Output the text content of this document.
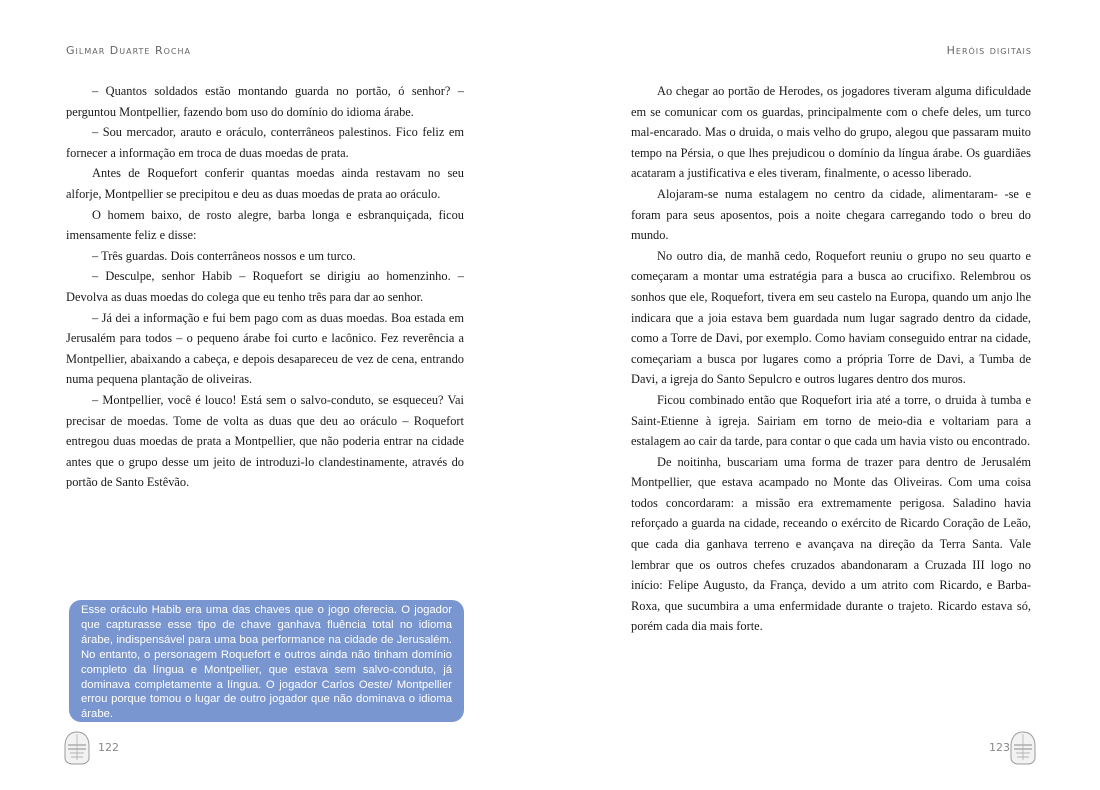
Gilmar Duarte Rocha

– Quantos soldados estão montando guarda no portão, ó senhor? – perguntou Montpellier, fazendo bom uso do domínio do idioma árabe.

– Sou mercador, arauto e oráculo, conterrâneos palestinos. Fico feliz em fornecer a informação em troca de duas moedas de prata.

Antes de Roquefort conferir quantas moedas ainda restavam no seu alforje, Montpellier se precipitou e deu as duas moedas de prata ao oráculo.

O homem baixo, de rosto alegre, barba longa e esbranquiçada, ficou imensamente feliz e disse:

– Três guardas. Dois conterrâneos nossos e um turco.

– Desculpe, senhor Habib – Roquefort se dirigiu ao homenzinho. – Devolva as duas moedas do colega que eu tenho três para dar ao senhor.

– Já dei a informação e fui bem pago com as duas moedas. Boa estada em Jerusalém para todos – o pequeno árabe foi curto e lacônico. Fez reverência a Montpellier, abaixando a cabeça, e depois desapareceu de vez de cena, entrando numa pequena plantação de oliveiras.

– Montpellier, você é louco! Está sem o salvo-conduto, se esqueceu? Vai precisar de moedas. Tome de volta as duas que deu ao oráculo – Roquefort entregou duas moedas de prata a Montpellier, que não poderia entrar na cidade antes que o grupo desse um jeito de introduzi-lo clandestinamente, através do portão de Santo Estêvão.

Esse oráculo Habib era uma das chaves que o jogo oferecia. O jogador que capturasse esse tipo de chave ganhava fluência total no idioma árabe, indispensável para uma boa performance na cidade de Jerusalém. No entanto, o personagem Roquefort e outros ainda não tinham domínio completo da língua e Montpellier, que estava sem salvo-conduto, já dominava completamente a língua. O jogador Carlos Oeste/ Montpellier errou porque tomou o lugar de outro jogador que não dominava o idioma árabe.
122
Heróis digitais

Ao chegar ao portão de Herodes, os jogadores tiveram alguma dificuldade em se comunicar com os guardas, principalmente com o chefe deles, um turco mal-encarado. Mas o druida, o mais velho do grupo, alegou que passaram muito tempo na Pérsia, o que lhes prejudicou o domínio da língua árabe. Os guardiães acataram a justificativa e eles tiveram, finalmente, o acesso liberado.

Alojaram-se numa estalagem no centro da cidade, alimentaram- -se e foram para seus aposentos, pois a noite chegara carregando todo o breu do mundo.

No outro dia, de manhã cedo, Roquefort reuniu o grupo no seu quarto e começaram a montar uma estratégia para a busca ao crucifixo. Relembrou os sonhos que ele, Roquefort, tivera em seu castelo na Europa, quando um anjo lhe indicara que a joia estava bem guardada num lugar sagrado dentro da cidade, como a Torre de Davi, por exemplo. Como haviam conseguido entrar na cidade, começariam a busca por lugares como a própria Torre de Davi, a Tumba de Davi, a igreja do Santo Sepulcro e outros lugares dentro dos muros.

Ficou combinado então que Roquefort iria até a torre, o druida à tumba e Saint-Etienne à igreja. Sairiam em torno de meio-dia e voltariam para a estalagem ao cair da tarde, para contar o que cada um havia visto ou encontrado.

De noitinha, buscariam uma forma de trazer para dentro de Jerusalém Montpellier, que estava acampado no Monte das Oliveiras. Com uma coisa todos concordaram: a missão era extremamente perigosa. Saladino havia reforçado a guarda na cidade, receando o exército de Ricardo Coração de Leão, que cada dia ganhava terreno e avançava na direção da Terra Santa. Vale lembrar que os outros chefes cruzados abandonaram a Cruzada III logo no início: Felipe Augusto, da França, devido a um atrito com Ricardo, e Barba-Roxa, que sucumbira a uma enfermidade durante o trajeto. Ricardo estava só, porém cada dia mais forte.

123
